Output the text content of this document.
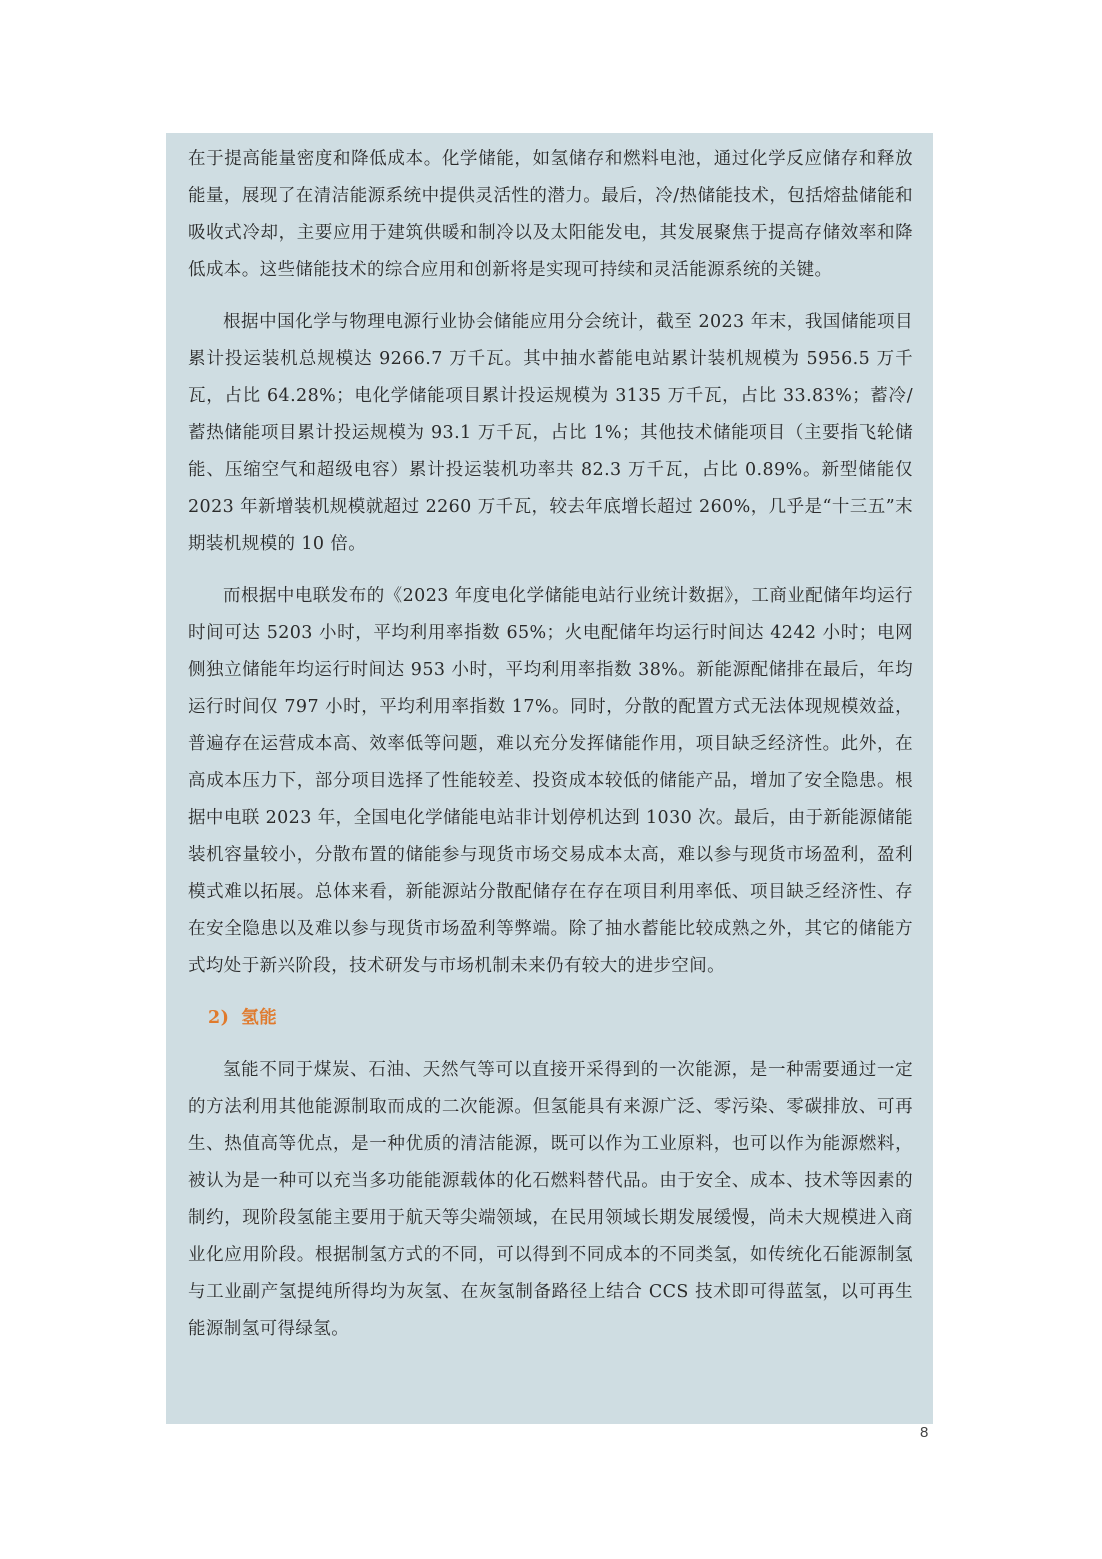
在于提高能量密度和降低成本。化学储能，如氢储存和燃料电池，通过化学反应储存和释放能量，展现了在清洁能源系统中提供灵活性的潜力。最后，冷/热储能技术，包括熔盐储能和吸收式冷却，主要应用于建筑供暖和制冷以及太阳能发电，其发展聚焦于提高存储效率和降低成本。这些储能技术的综合应用和创新将是实现可持续和灵活能源系统的关键。

根据中国化学与物理电源行业协会储能应用分会统计，截至 2023 年末，我国储能项目累计投运装机总规模达 9266.7 万千瓦。其中抽水蓄能电站累计装机规模为 5956.5 万千瓦，占比 64.28%；电化学储能项目累计投运规模为 3135 万千瓦，占比 33.83%；蓄冷/蓄热储能项目累计投运规模为 93.1 万千瓦，占比 1%；其他技术储能项目（主要指飞轮储能、压缩空气和超级电容）累计投运装机功率共 82.3 万千瓦，占比 0.89%。新型储能仅 2023 年新增装机规模就超过 2260 万千瓦，较去年底增长超过 260%，几乎是“十三五”末期装机规模的 10 倍。

而根据中电联发布的《2023 年度电化学储能电站行业统计数据》，工商业配储年均运行时间可达 5203 小时，平均利用率指数 65%；火电配储年均运行时间达 4242 小时；电网侧独立储能年均运行时间达 953 小时，平均利用率指数 38%。新能源配储排在最后，年均运行时间仅 797 小时，平均利用率指数 17%。同时，分散的配置方式无法体现规模效益，普遍存在运营成本高、效率低等问题，难以充分发挥储能作用，项目缺乏经济性。此外，在高成本压力下，部分项目选择了性能较差、投资成本较低的储能产品，增加了安全隐患。根据中电联 2023 年，全国电化学储能电站非计划停机达到 1030 次。最后，由于新能源储能装机容量较小，分散布置的储能参与现货市场交易成本太高，难以参与现货市场盈利，盈利模式难以拓展。总体来看，新能源站分散配储存在存在项目利用率低、项目缺乏经济性、存在安全隐患以及难以参与现货市场盈利等弊端。除了抽水蓄能比较成熟之外，其它的储能方式均处于新兴阶段，技术研发与市场机制未来仍有较大的进步空间。

2) 氢能

氢能不同于煤炭、石油、天然气等可以直接开采得到的一次能源，是一种需要通过一定的方法利用其他能源制取而成的二次能源。但氢能具有来源广泛、零污染、零碳排放、可再生、热值高等优点，是一种优质的清洁能源，既可以作为工业原料，也可以作为能源燃料，被认为是一种可以充当多功能能源载体的化石燃料替代品。由于安全、成本、技术等因素的制约，现阶段氢能主要用于航天等尖端领域，在民用领域长期发展缓慢，尚未大规模进入商业化应用阶段。根据制氢方式的不同，可以得到不同成本的不同类氢，如传统化石能源制氢与工业副产氢提纯所得均为灰氢、在灰氢制备路径上结合 CCS 技术即可得蓝氢，以可再生能源制氢可得绿氢。

8
